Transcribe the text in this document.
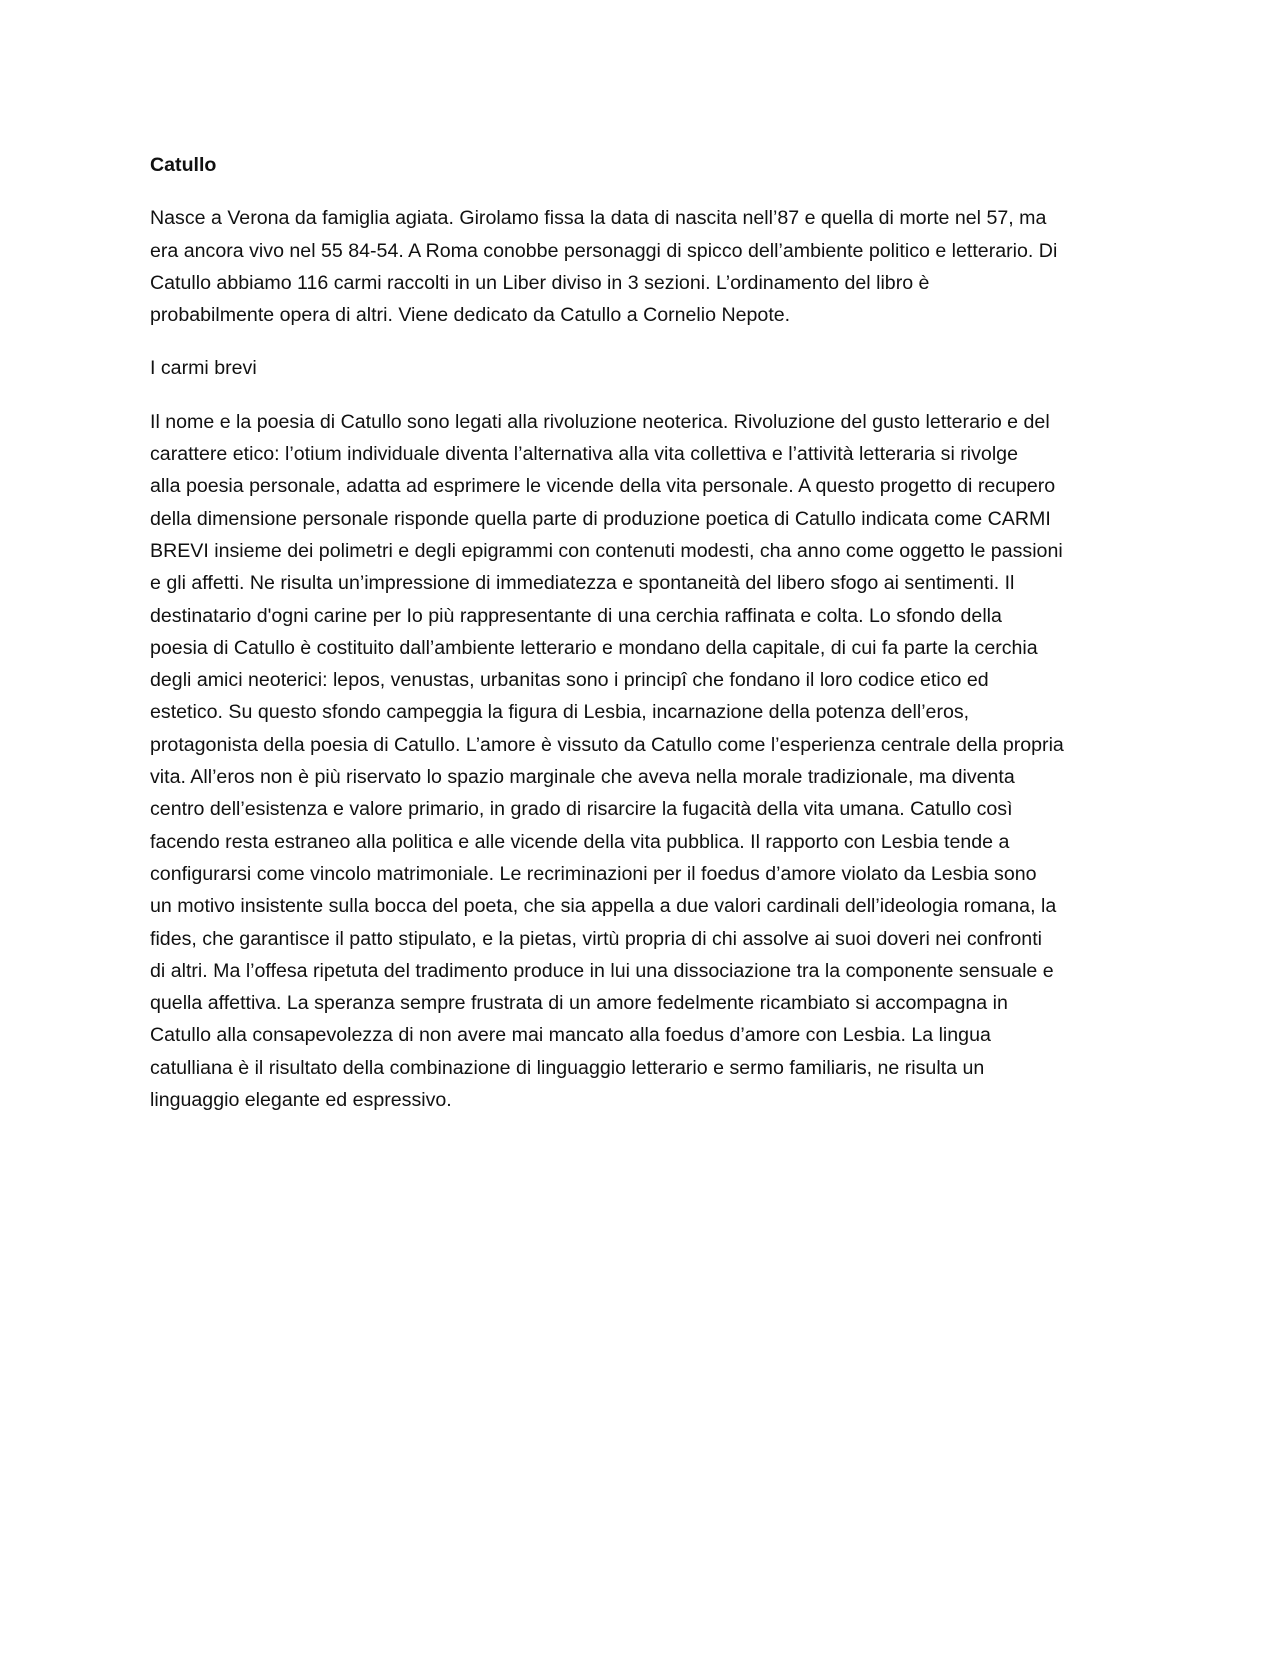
Catullo
Nasce a Verona da famiglia agiata. Girolamo fissa la data di nascita nell’87 e quella di morte nel 57, ma
era ancora vivo nel 55 84-54. A Roma conobbe personaggi di spicco dell’ambiente politico e letterario. Di
Catullo abbiamo 116 carmi raccolti in un Liber diviso in 3 sezioni. L’ordinamento del libro è
probabilmente opera di altri. Viene dedicato da Catullo a Cornelio Nepote.
I carmi brevi
Il nome e la poesia di Catullo sono legati alla rivoluzione neoterica. Rivoluzione del gusto letterario e del
carattere etico: l’otium individuale diventa l’alternativa alla vita collettiva e l’attività letteraria si rivolge
alla poesia personale, adatta ad esprimere le vicende della vita personale. A questo progetto di recupero
della dimensione personale risponde quella parte di produzione poetica di Catullo indicata come CARMI
BREVI insieme dei polimetri e degli epigrammi con contenuti modesti, cha anno come oggetto le passioni
e gli affetti. Ne risulta un’impressione di immediatezza e spontaneità del libero sfogo ai sentimenti. Il
destinatario d'ogni carine per Io più rappresentante di una cerchia raffinata e colta. Lo sfondo della
poesia di Catullo è costituito dall’ambiente letterario e mondano della capitale, di cui fa parte la cerchia
degli amici neoterici: lepos, venustas, urbanitas sono i principî che fondano il loro codice etico ed
estetico. Su questo sfondo campeggia la figura di Lesbia, incarnazione della potenza dell’eros,
protagonista della poesia di Catullo. L’amore è vissuto da Catullo come l’esperienza centrale della propria
vita. All’eros non è più riservato lo spazio marginale che aveva nella morale tradizionale, ma diventa
centro dell’esistenza e valore primario, in grado di risarcire la fugacità della vita umana. Catullo così
facendo resta estraneo alla politica e alle vicende della vita pubblica. Il rapporto con Lesbia tende a
configurarsi come vincolo matrimoniale. Le recriminazioni per il foedus d’amore violato da Lesbia sono
un motivo insistente sulla bocca del poeta, che sia appella a due valori cardinali dell’ideologia romana, la
fides, che garantisce il patto stipulato, e la pietas, virtù propria di chi assolve ai suoi doveri nei confronti
di altri. Ma l’offesa ripetuta del tradimento produce in lui una dissociazione tra la componente sensuale e
quella affettiva. La speranza sempre frustrata di un amore fedelmente ricambiato si accompagna in
Catullo alla consapevolezza di non avere mai mancato alla foedus d’amore con Lesbia. La lingua
catulliana è il risultato della combinazione di linguaggio letterario e sermo familiaris, ne risulta un
linguaggio elegante ed espressivo.
